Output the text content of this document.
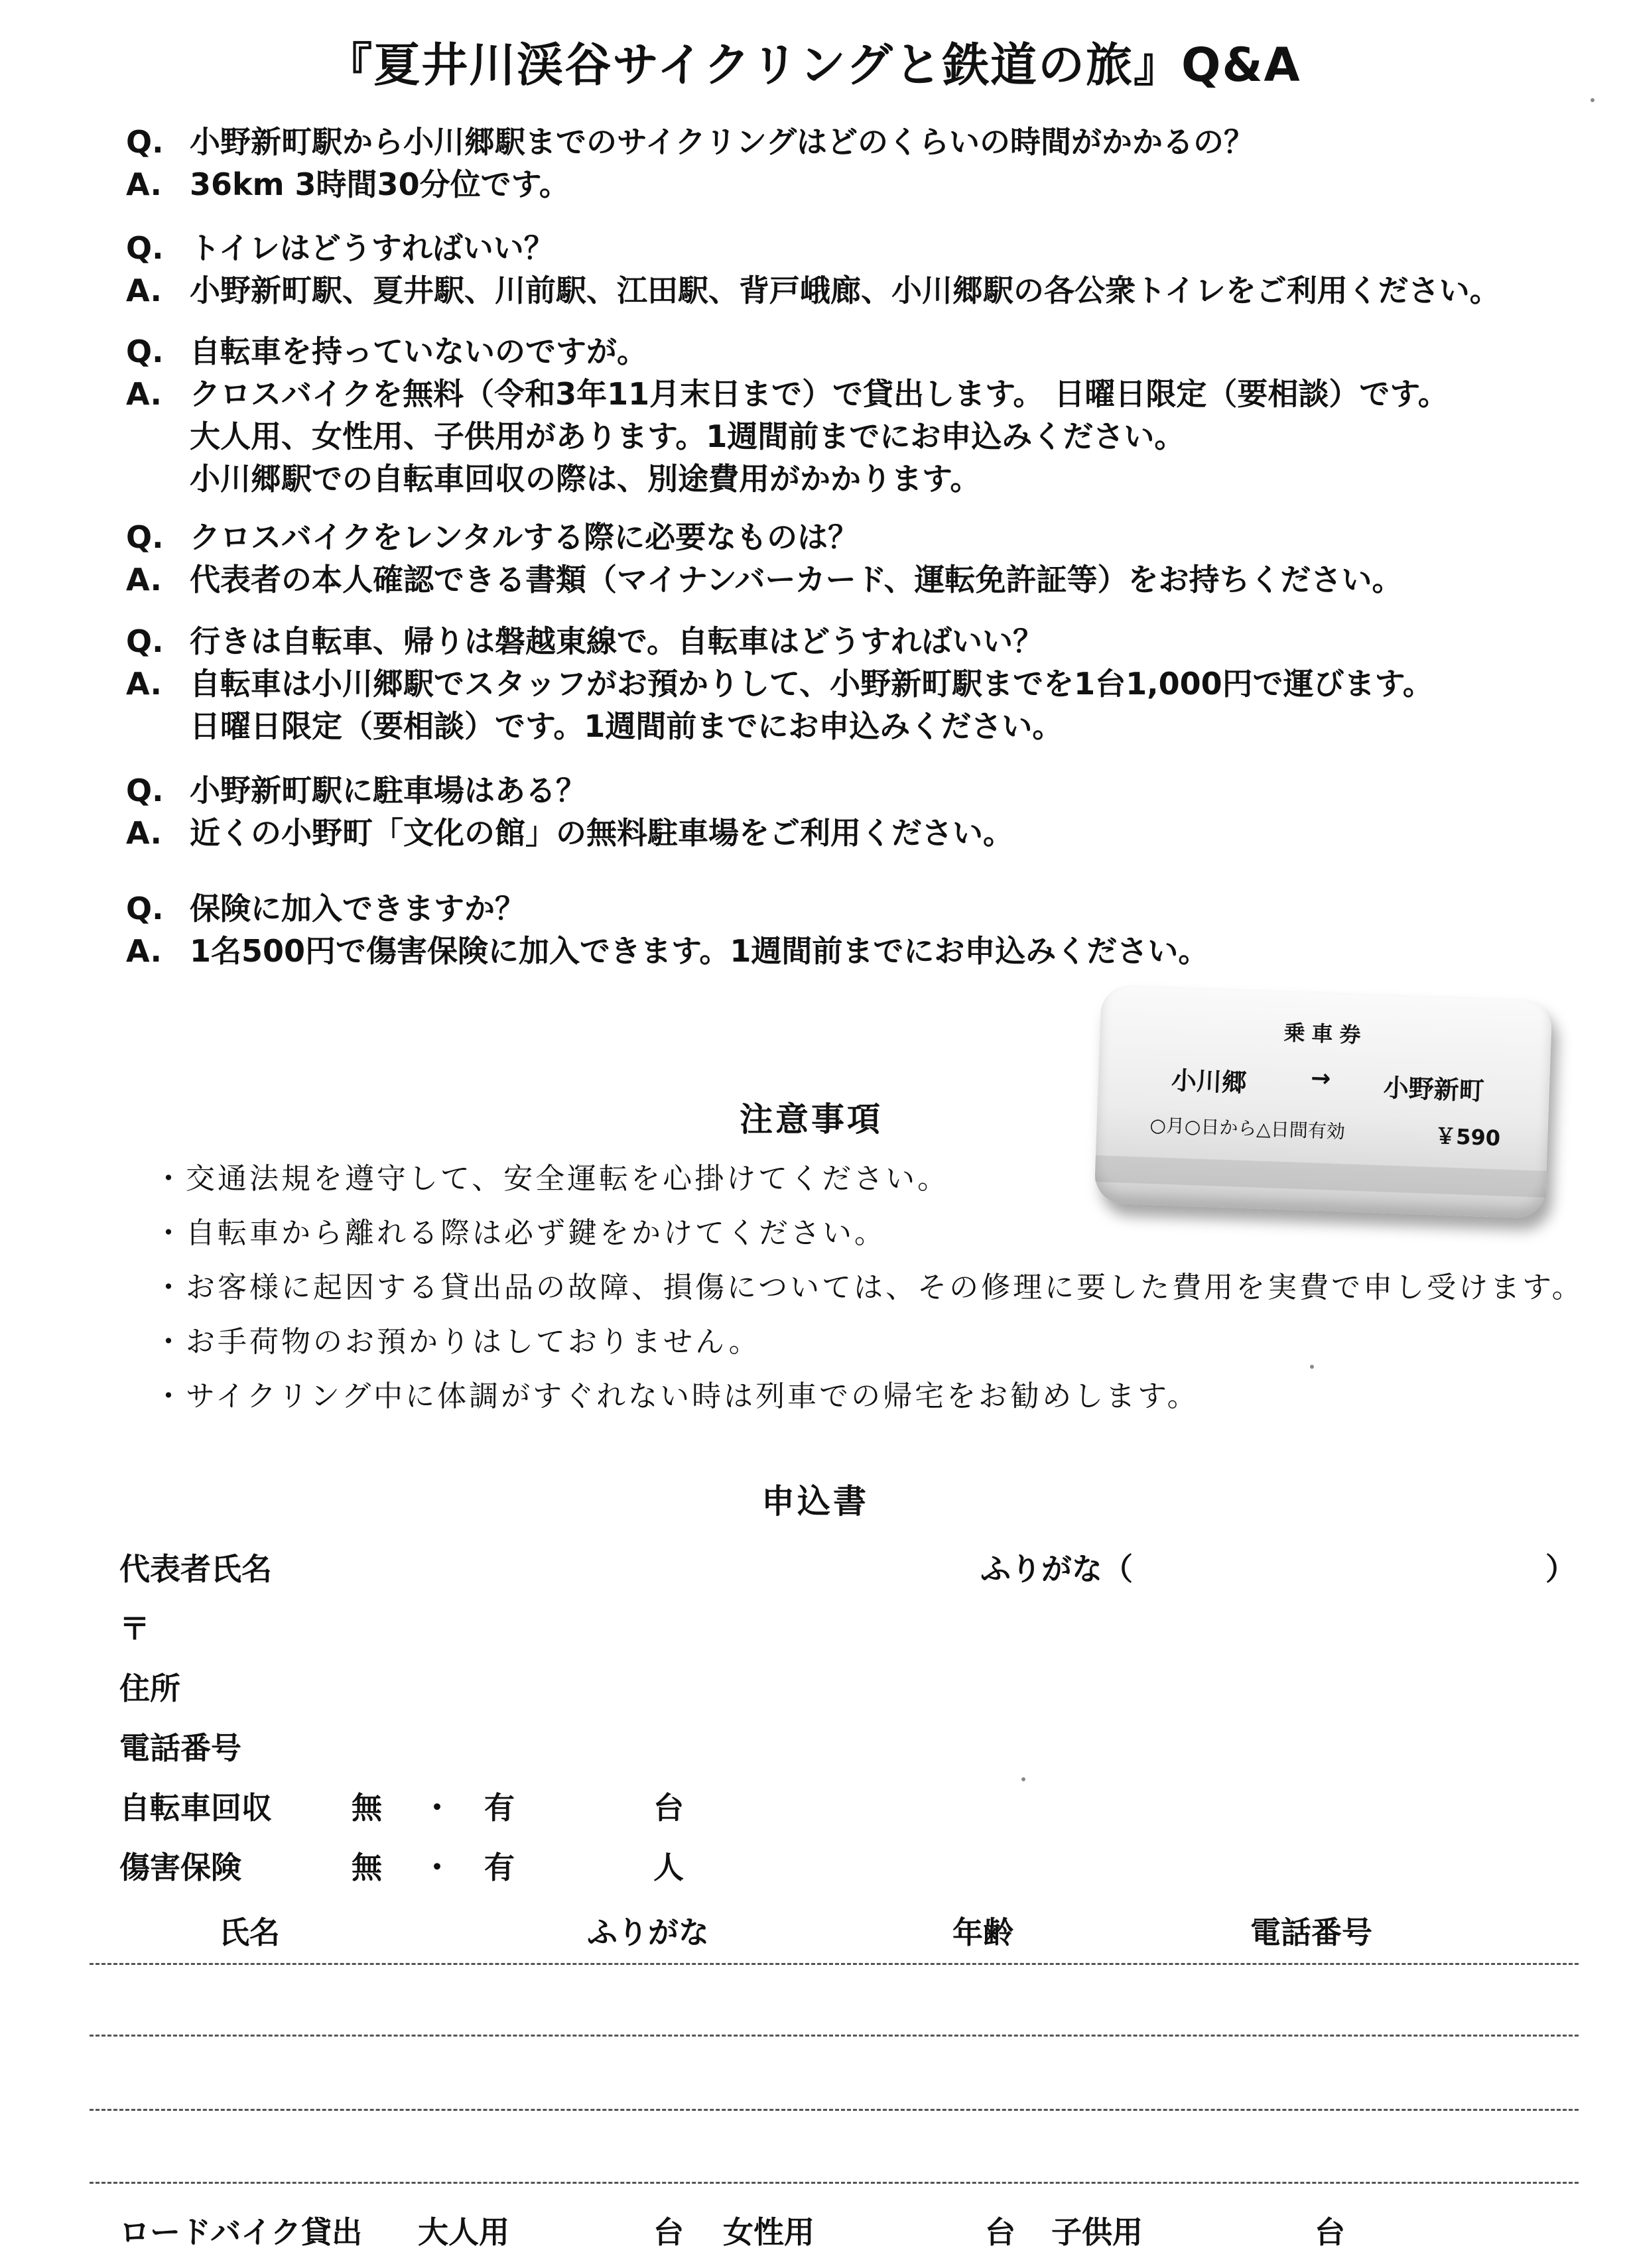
『夏井川渓谷サイクリングと鉄道の旅』Q&A
Q. 小野新町駅から小川郷駅までのサイクリングはどのくらいの時間がかかるの？
A. 36km 3時間30分位です。
Q. トイレはどうすればいい？
A. 小野新町駅、夏井駅、川前駅、江田駅、背戸峨廊、小川郷駅の各公衆トイレをご利用ください。
Q. 自転車を持っていないのですが。
A. クロスバイクを無料（令和3年11月末日まで）で貸出します。 日曜日限定（要相談）です。
大人用、女性用、子供用があります。1週間前までにお申込みください。
小川郷駅での自転車回収の際は、別途費用がかかります。
Q. クロスバイクをレンタルする際に必要なものは？
A. 代表者の本人確認できる書類（マイナンバーカード、運転免許証等）をお持ちください。
Q. 行きは自転車、帰りは磐越東線で。自転車はどうすればいい？
A. 自転車は小川郷駅でスタッフがお預かりして、小野新町駅までを1台1,000円で運びます。
日曜日限定（要相談）です。1週間前までにお申込みください。
Q. 小野新町駅に駐車場はある？
A. 近くの小野町「文化の館」の無料駐車場をご利用ください。
Q. 保険に加入できますか？
A. 1名500円で傷害保険に加入できます。1週間前までにお申込みください。
乗車券
小川郷	→ 小野新町
○月○日から△日間有効	￥590
注意事項
・交通法規を遵守して、安全運転を心掛けてください。
・自転車から離れる際は必ず鍵をかけてください。
・お客様に起因する貸出品の故障、損傷については、その修理に要した費用を実費で申し受けます。
・お手荷物のお預かりはしておりません。
・サイクリング中に体調がすぐれない時は列車での帰宅をお勧めします。
申込書
代表者氏名	ふりがな（	）
〒
住所
電話番号
自転車回収	無 ・ 有	台
傷害保険	無 ・ 有	人
氏名	ふりがな	年齢	電話番号
ロードバイク貸出 大人用	台 女性用	台 子供用	台
